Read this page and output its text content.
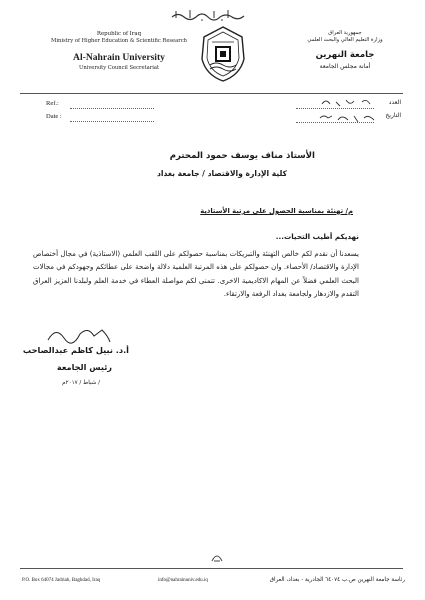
Republic of Iraq
Ministry of Higher Education & Scientific Research
Al-Nahrain University
University Council Secretariat
جمهورية العراق
وزارة التعليم العالي والبحث العلمي
جامعة النهرين
أمانة مجلس الجامعة
Ref.:
Date :
العدد
التاريخ
الأستاذ مناف يوسف حمود المحترم
كلية الإدارة والاقتصاد / جامعة بغداد
م/ تهنئة بمناسبة الحصول على مرتبة الأستاذية
نهديكم أطيب التحيات...
يسعدنا أن نقدم لكم خالص التهنئة والتبريكات بمناسبة حصولكم على اللقب العلمي (الاستاذية) في مجال أختصاص الإدارة والاقتصاد/ الأحصاء. وان حصولكم على هذه المرتبة العلمية دلالة واضحة على عطائكم وجهودكم في مجالات البحث العلمي فضلاً عن المهام الاكاديمية الاخرى. تتمنى لكم مواصلة العطاء في خدمة العلم ولبلدنا العزيز العراق التقدم والازدهار ولجامعة بغداد الرفعة والارتقاء.
أ.د. نبيل كاظم عبدالصاحب
رئيس الجامعة
/ شباط / ٢٠١٧م
P.O. Box 64074 Jadriah, Baghdad, Iraq	info@nahrainuniv.edu.iq	رئاسة جامعة النهرين ص.ب ٦٤٠٧٤ الجادرية - بغداد، العراق
